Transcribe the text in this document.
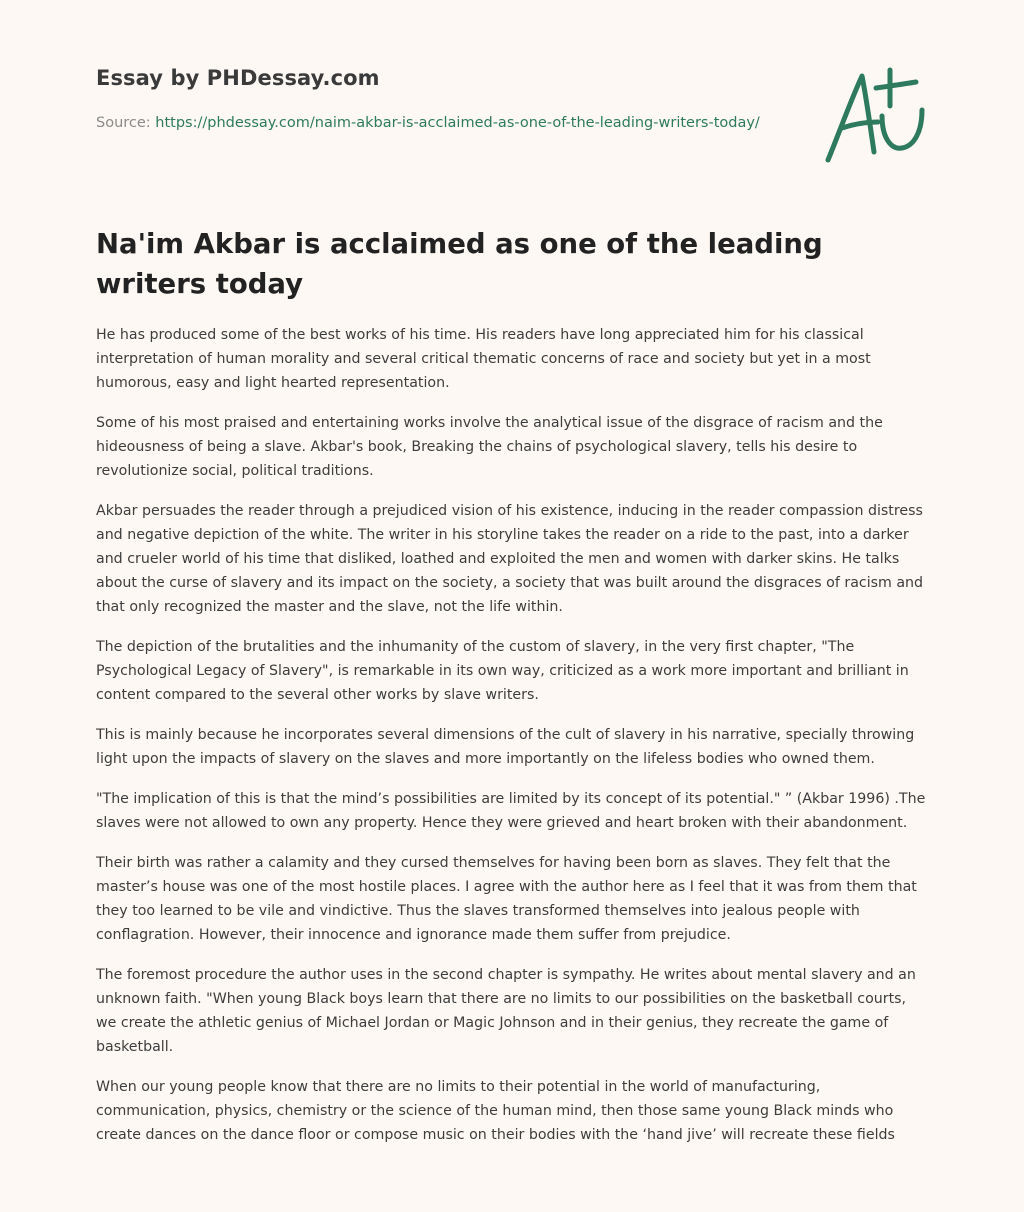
Essay by PHDessay.com
Source: https://phdessay.com/naim-akbar-is-acclaimed-as-one-of-the-leading-writers-today/
Na'im Akbar is acclaimed as one of the leading writers today

He has produced some of the best works of his time. His readers have long appreciated him for his classical interpretation of human morality and several critical thematic concerns of race and society but yet in a most humorous, easy and light hearted representation.

Some of his most praised and entertaining works involve the analytical issue of the disgrace of racism and the hideousness of being a slave. Akbar's book, Breaking the chains of psychological slavery, tells his desire to revolutionize social, political traditions.

Akbar persuades the reader through a prejudiced vision of his existence, inducing in the reader compassion distress and negative depiction of the white. The writer in his storyline takes the reader on a ride to the past, into a darker and crueler world of his time that disliked, loathed and exploited the men and women with darker skins. He talks about the curse of slavery and its impact on the society, a society that was built around the disgraces of racism and that only recognized the master and the slave, not the life within.

The depiction of the brutalities and the inhumanity of the custom of slavery, in the very first chapter, "The Psychological Legacy of Slavery", is remarkable in its own way, criticized as a work more important and brilliant in content compared to the several other works by slave writers.

This is mainly because he incorporates several dimensions of the cult of slavery in his narrative, specially throwing light upon the impacts of slavery on the slaves and more importantly on the lifeless bodies who owned them.

"The implication of this is that the mind’s possibilities are limited by its concept of its potential." ” (Akbar 1996) .The slaves were not allowed to own any property. Hence they were grieved and heart broken with their abandonment.

Their birth was rather a calamity and they cursed themselves for having been born as slaves. They felt that the master’s house was one of the most hostile places. I agree with the author here as I feel that it was from them that they too learned to be vile and vindictive. Thus the slaves transformed themselves into jealous people with conflagration. However, their innocence and ignorance made them suffer from prejudice.

The foremost procedure the author uses in the second chapter is sympathy. He writes about mental slavery and an unknown faith. "When young Black boys learn that there are no limits to our possibilities on the basketball courts, we create the athletic genius of Michael Jordan or Magic Johnson and in their genius, they recreate the game of basketball.

When our young people know that there are no limits to their potential in the world of manufacturing, communication, physics, chemistry or the science of the human mind, then those same young Black minds who create dances on the dance floor or compose music on their bodies with the ‘hand jive’ will recreate these fields
